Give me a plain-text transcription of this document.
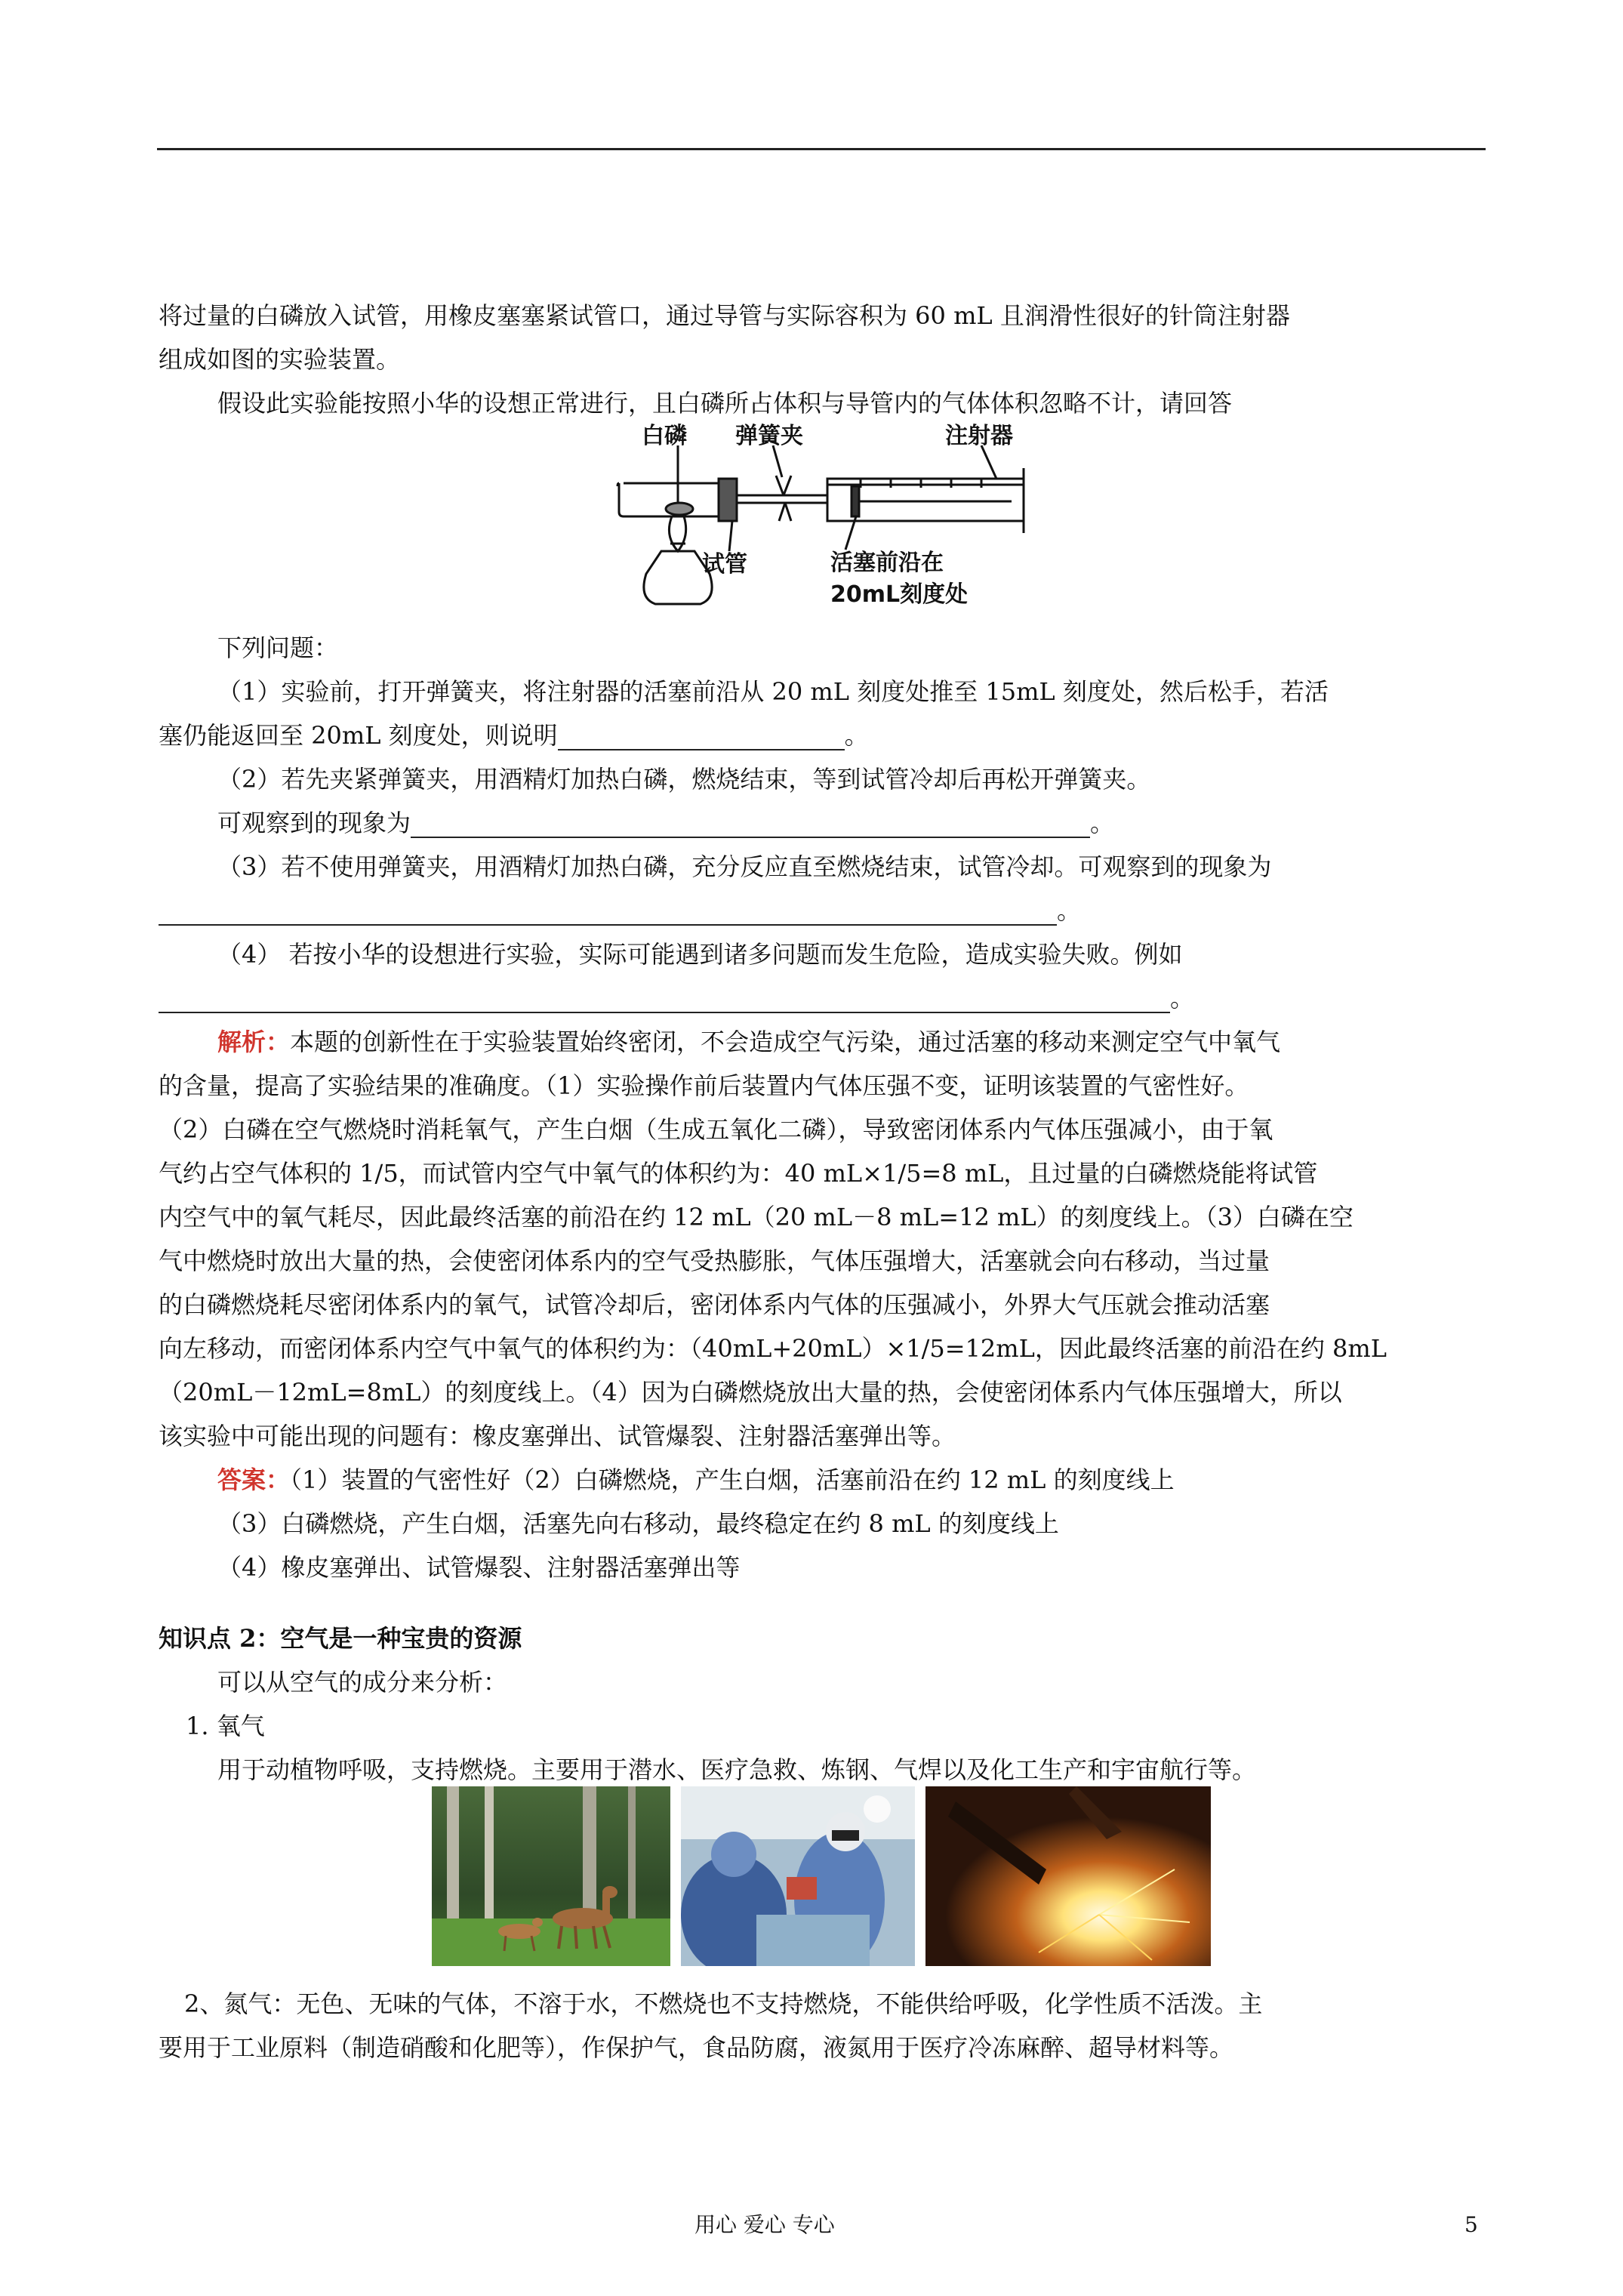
将过量的白磷放入试管，用橡皮塞塞紧试管口，通过导管与实际容积为 60 mL 且润滑性很好的针筒注射器
组成如图的实验装置。
假设此实验能按照小华的设想正常进行，且白磷所占体积与导管内的气体体积忽略不计，请回答
白磷 弹簧夹	注射器
试管	活塞前沿在
20mL刻度处
下列问题：
（1）实验前，打开弹簧夹，将注射器的活塞前沿从 20 mL 刻度处推至 15mL 刻度处，然后松手，若活
塞仍能返回至 20mL 刻度处，则说明	。
（2）若先夹紧弹簧夹，用酒精灯加热白磷，燃烧结束，等到试管冷却后再松开弹簧夹。
可观察到的现象为	。
（3）若不使用弹簧夹，用酒精灯加热白磷，充分反应直至燃烧结束，试管冷却。可观察到的现象为
。
（4） 若按小华的设想进行实验，实际可能遇到诸多问题而发生危险，造成实验失败。例如
。
解析：本题的创新性在于实验装置始终密闭，不会造成空气污染，通过活塞的移动来测定空气中氧气
的含量，提高了实验结果的准确度。（1）实验操作前后装置内气体压强不变，证明该装置的气密性好。
（2）白磷在空气燃烧时消耗氧气，产生白烟（生成五氧化二磷），导致密闭体系内气体压强减小，由于氧
气约占空气体积的 1/5，而试管内空气中氧气的体积约为：40 mL×1/5=8 mL，且过量的白磷燃烧能将试管
内空气中的氧气耗尽，因此最终活塞的前沿在约 12 mL（20 mL－8 mL=12 mL）的刻度线上。（3）白磷在空
气中燃烧时放出大量的热，会使密闭体系内的空气受热膨胀，气体压强增大，活塞就会向右移动，当过量
的白磷燃烧耗尽密闭体系内的氧气，试管冷却后，密闭体系内气体的压强减小，外界大气压就会推动活塞
向左移动，而密闭体系内空气中氧气的体积约为：（40mL+20mL）×1/5=12mL，因此最终活塞的前沿在约 8mL
（20mL－12mL=8mL）的刻度线上。（4）因为白磷燃烧放出大量的热，会使密闭体系内气体压强增大，所以
该实验中可能出现的问题有：橡皮塞弹出、试管爆裂、注射器活塞弹出等。
答案：（1）装置的气密性好（2）白磷燃烧，产生白烟，活塞前沿在约 12 mL 的刻度线上
（3）白磷燃烧，产生白烟，活塞先向右移动，最终稳定在约 8 mL 的刻度线上
（4）橡皮塞弹出、试管爆裂、注射器活塞弹出等
知识点 2：空气是一种宝贵的资源
可以从空气的成分来分析：
1. 氧气
用于动植物呼吸，支持燃烧。主要用于潜水、医疗急救、炼钢、气焊以及化工生产和宇宙航行等。
2、氮气：无色、无味的气体，不溶于水，不燃烧也不支持燃烧，不能供给呼吸，化学性质不活泼。主
要用于工业原料（制造硝酸和化肥等），作保护气，食品防腐，液氮用于医疗冷冻麻醉、超导材料等。
用心 爱心 专心	5
